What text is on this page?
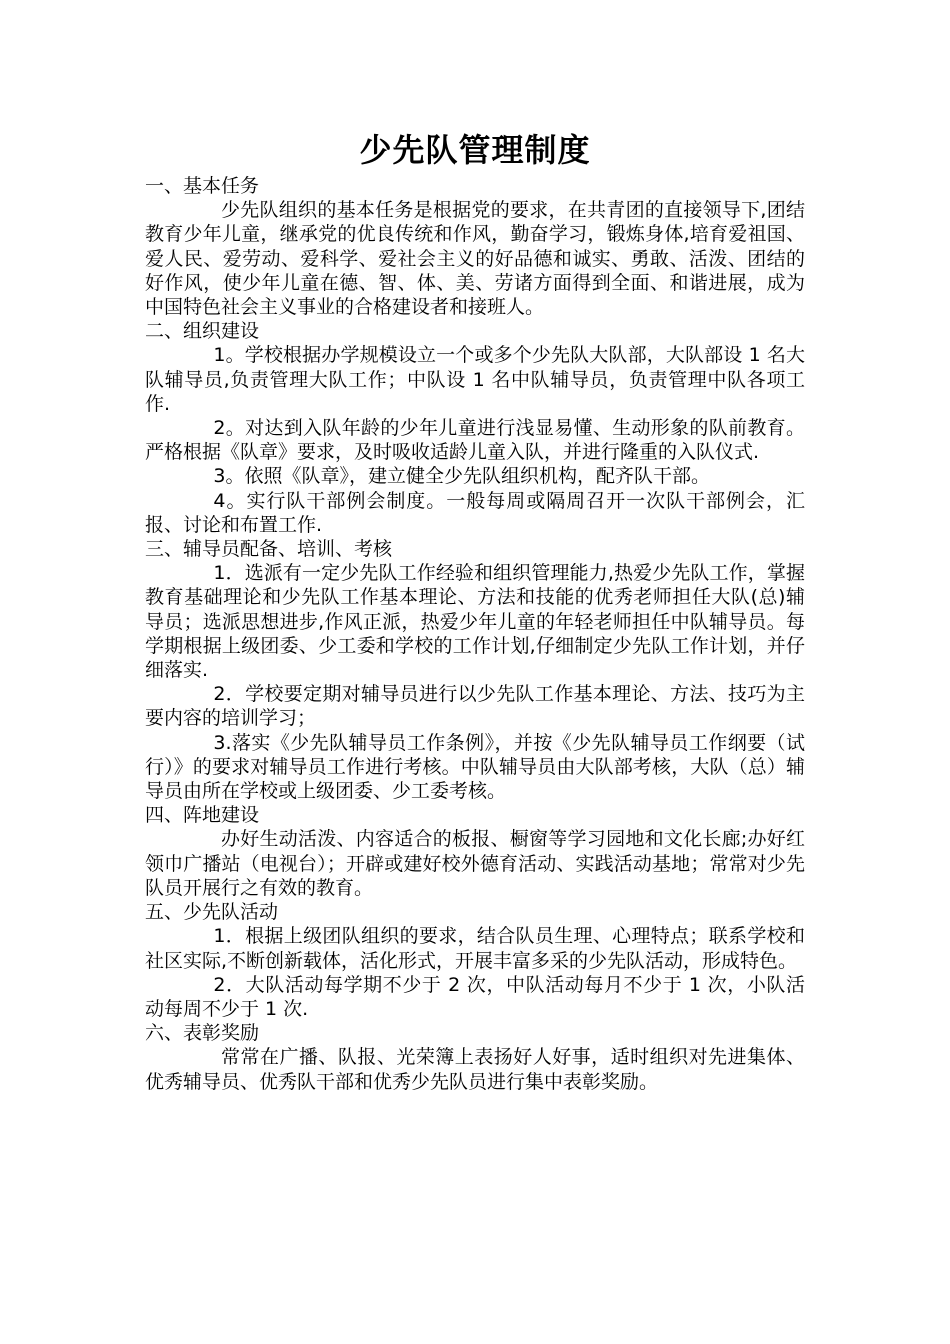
少先队管理制度

一、基本任务

少先队组织的基本任务是根据党的要求，在共青团的直接领导下,团结教育少年儿童，继承党的优良传统和作风，勤奋学习，锻炼身体,培育爱祖国、爱人民、爱劳动、爱科学、爱社会主义的好品德和诚实、勇敢、活泼、团结的好作风，使少年儿童在德、智、体、美、劳诸方面得到全面、和谐进展，成为中国特色社会主义事业的合格建设者和接班人。

二、组织建设

1。学校根据办学规模设立一个或多个少先队大队部，大队部设 1 名大队辅导员,负责管理大队工作；中队设 1 名中队辅导员，负责管理中队各项工作.

2。对达到入队年龄的少年儿童进行浅显易懂、生动形象的队前教育。严格根据《队章》要求，及时吸收适龄儿童入队，并进行隆重的入队仪式.

3。依照《队章》，建立健全少先队组织机构，配齐队干部。

4。实行队干部例会制度。一般每周或隔周召开一次队干部例会，汇报、讨论和布置工作.

三、辅导员配备、培训、考核

1．选派有一定少先队工作经验和组织管理能力,热爱少先队工作，掌握教育基础理论和少先队工作基本理论、方法和技能的优秀老师担任大队(总)辅导员；选派思想进步,作风正派，热爱少年儿童的年轻老师担任中队辅导员。每学期根据上级团委、少工委和学校的工作计划,仔细制定少先队工作计划，并仔细落实.

2．学校要定期对辅导员进行以少先队工作基本理论、方法、技巧为主要内容的培训学习；

3.落实《少先队辅导员工作条例》，并按《少先队辅导员工作纲要（试行）》的要求对辅导员工作进行考核。中队辅导员由大队部考核，大队（总）辅导员由所在学校或上级团委、少工委考核。

四、阵地建设

办好生动活泼、内容适合的板报、橱窗等学习园地和文化长廊;办好红领巾广播站（电视台）；开辟或建好校外德育活动、实践活动基地；常常对少先队员开展行之有效的教育。

五、少先队活动

1．根据上级团队组织的要求，结合队员生理、心理特点；联系学校和社区实际,不断创新载体，活化形式，开展丰富多采的少先队活动，形成特色。

2．大队活动每学期不少于 2 次，中队活动每月不少于 1 次，小队活动每周不少于 1 次.

六、表彰奖励

常常在广播、队报、光荣簿上表扬好人好事，适时组织对先进集体、优秀辅导员、优秀队干部和优秀少先队员进行集中表彰奖励。
